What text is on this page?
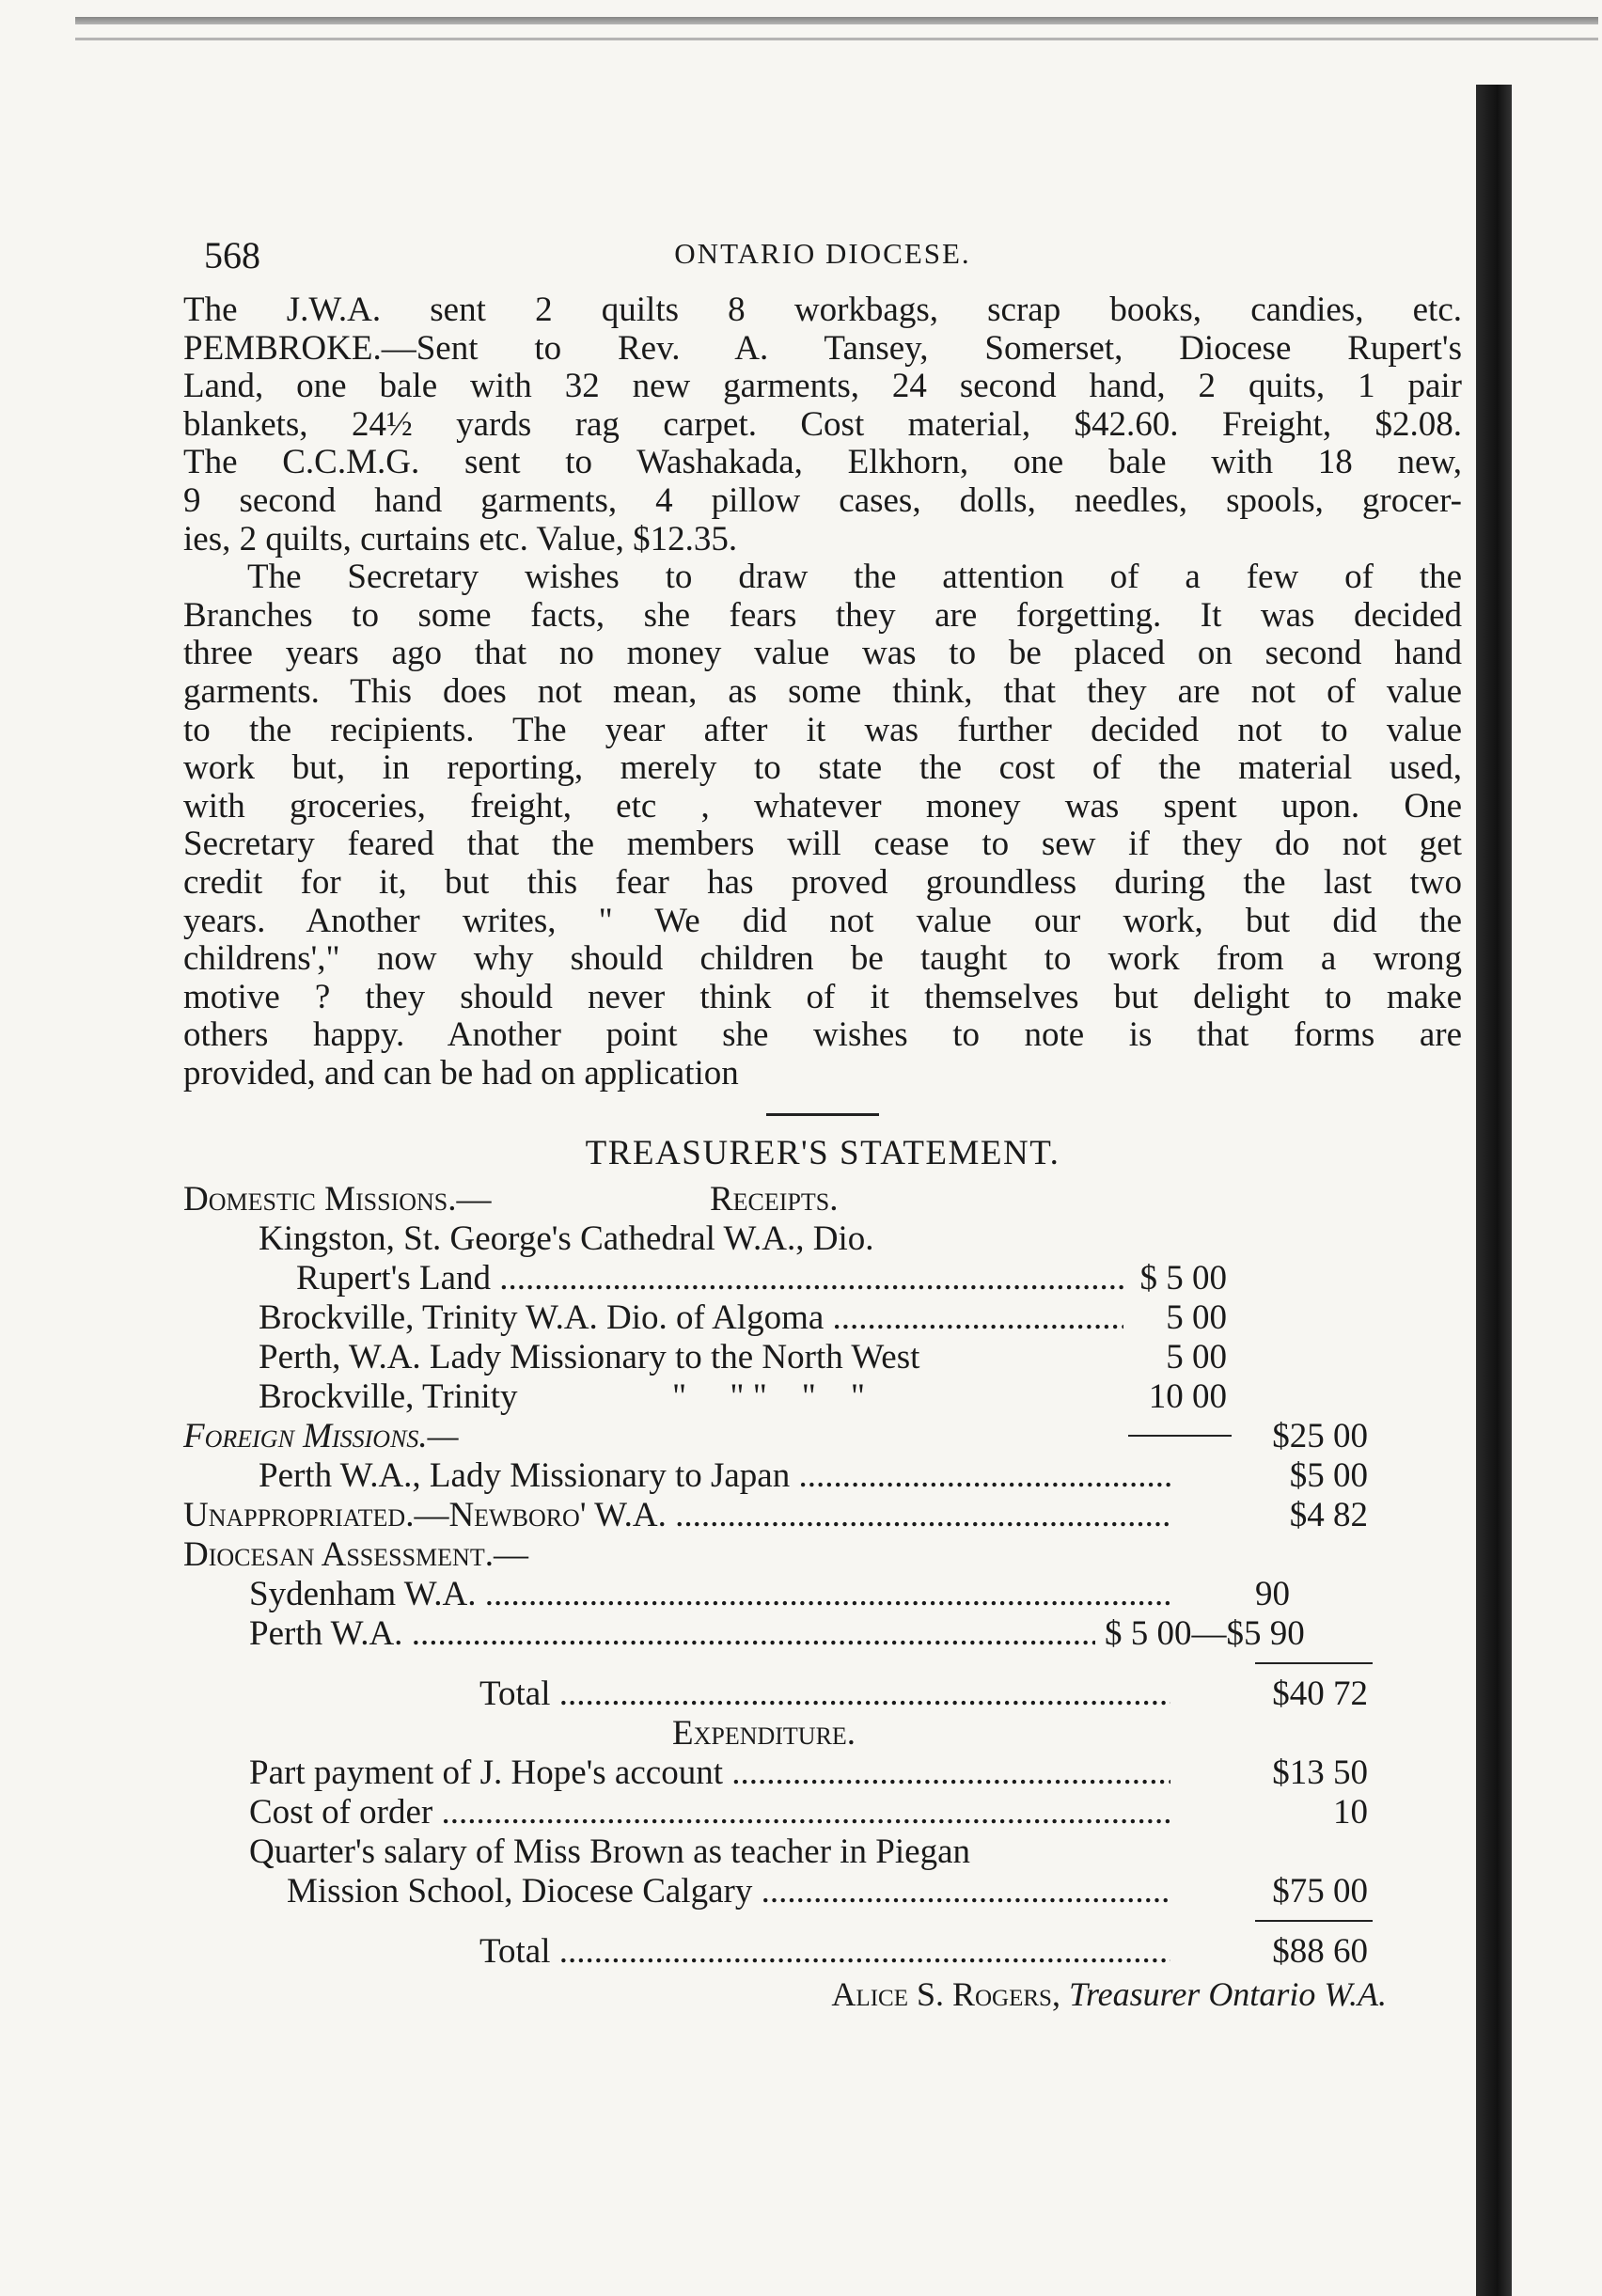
568	ONTARIO DIOCESE.
The J.W.A. sent 2 quilts 8 workbags, scrap books, candies, etc.
PEMBROKE.—Sent to Rev. A. Tansey, Somerset, Diocese Rupert's
Land, one bale with 32 new garments, 24 second hand, 2 quits, 1 pair
blankets, 24½ yards rag carpet. Cost material, $42.60. Freight, $2.08.
The C.C.M.G. sent to Washakada, Elkhorn, one bale with 18 new,
9 second hand garments, 4 pillow cases, dolls, needles, spools, grocer-
ies, 2 quilts, curtains etc. Value, $12.35.
The Secretary wishes to draw the attention of a few of the
Branches to some facts, she fears they are forgetting. It was decided
three years ago that no money value was to be placed on second hand
garments. This does not mean, as some think, that they are not of value
to the recipients. The year after it was further decided not to value
work but, in reporting, merely to state the cost of the material used,
with groceries, freight, etc , whatever money was spent upon. One
Secretary feared that the members will cease to sew if they do not get
credit for it, but this fear has proved groundless during the last two
years. Another writes, " We did not value our work, but did the
childrens'," now why should children be taught to work from a wrong
motive ? they should never think of it themselves but delight to make
others happy. Another point she wishes to note is that forms are
provided, and can be had on application
TREASURER'S STATEMENT.
Domestic Missions.—	Receipts.
Kingston, St. George's Cathedral W.A., Dio.
Rupert's Land .....	$ 5 00
Brockville, Trinity W.A. Dio. of Algoma .....	5 00
Perth, W.A. Lady Missionary to the North West	5 00
Brockville, Trinity	"     " "    "    "	10 00
Foreign Missions.—	$25 00
Perth W.A., Lady Missionary to Japan .....	$5 00
Unappropriated.—Newboro' W.A. .....	$4 82
Diocesan Assessment.—
Sydenham W.A. .....	90
Perth W.A. .....	$ 5 00—$5 90
Total .....	$40 72
Expenditure.
Part payment of J. Hope's account .....	$13 50
Cost of order .....	10
Quarter's salary of Miss Brown as teacher in Piegan
Mission School, Diocese Calgary .....	$75 00
Total .....	$88 60
Alice S. Rogers, Treasurer Ontario W.A.
